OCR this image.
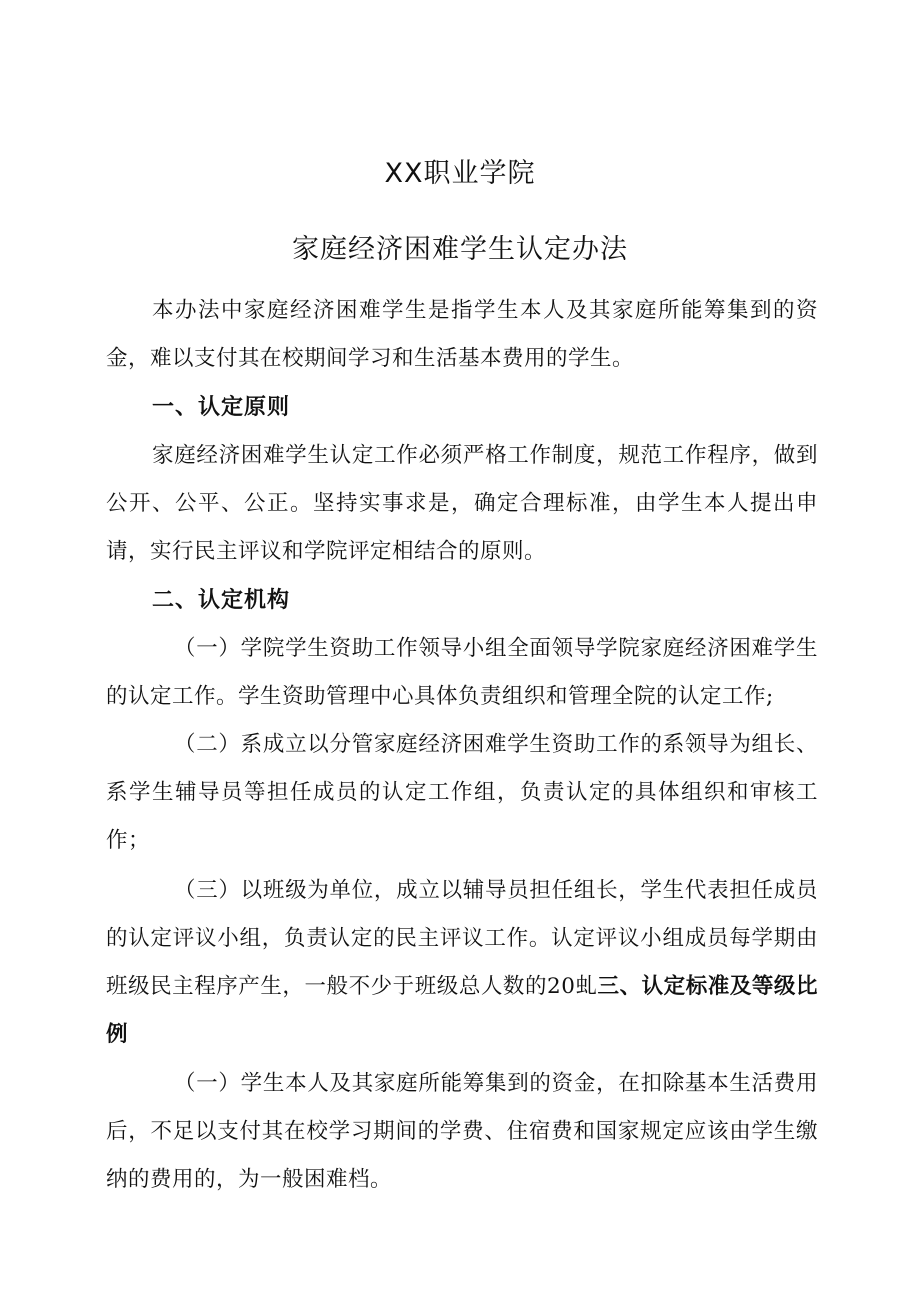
XX职业学院
家庭经济困难学生认定办法
本办法中家庭经济困难学生是指学生本人及其家庭所能筹集到的资金，难以支付其在校期间学习和生活基本费用的学生。
一、认定原则
家庭经济困难学生认定工作必须严格工作制度，规范工作程序，做到公开、公平、公正。坚持实事求是，确定合理标准，由学生本人提出申请，实行民主评议和学院评定相结合的原则。
二、认定机构
（一）学院学生资助工作领导小组全面领导学院家庭经济困难学生的认定工作。学生资助管理中心具体负责组织和管理全院的认定工作;
（二）系成立以分管家庭经济困难学生资助工作的系领导为组长、系学生辅导员等担任成员的认定工作组，负责认定的具体组织和审核工作；
（三）以班级为单位，成立以辅导员担任组长，学生代表担任成员的认定评议小组，负责认定的民主评议工作。认定评议小组成员每学期由班级民主程序产生，一般不少于班级总人数的20虬三、认定标准及等级比例
（一）学生本人及其家庭所能筹集到的资金，在扣除基本生活费用后，不足以支付其在校学习期间的学费、住宿费和国家规定应该由学生缴纳的费用的，为一般困难档。
